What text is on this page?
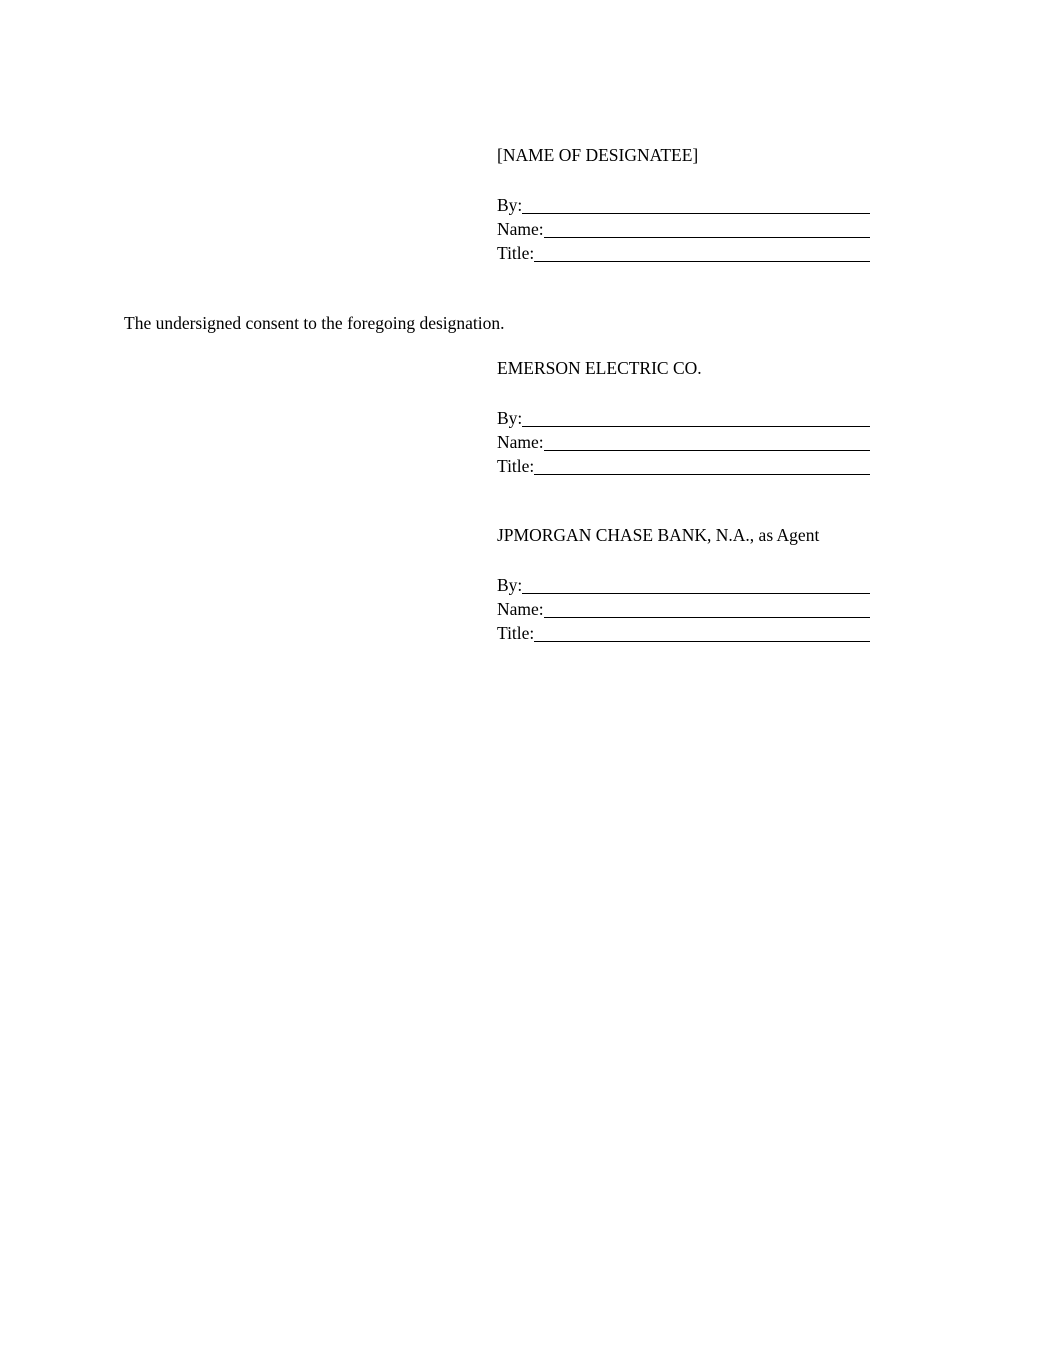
[NAME OF DESIGNATEE]
By:
Name:
Title:
The undersigned consent to the foregoing designation.
EMERSON ELECTRIC CO.
By:
Name:
Title:
JPMORGAN CHASE BANK, N.A., as Agent
By:
Name:
Title:
